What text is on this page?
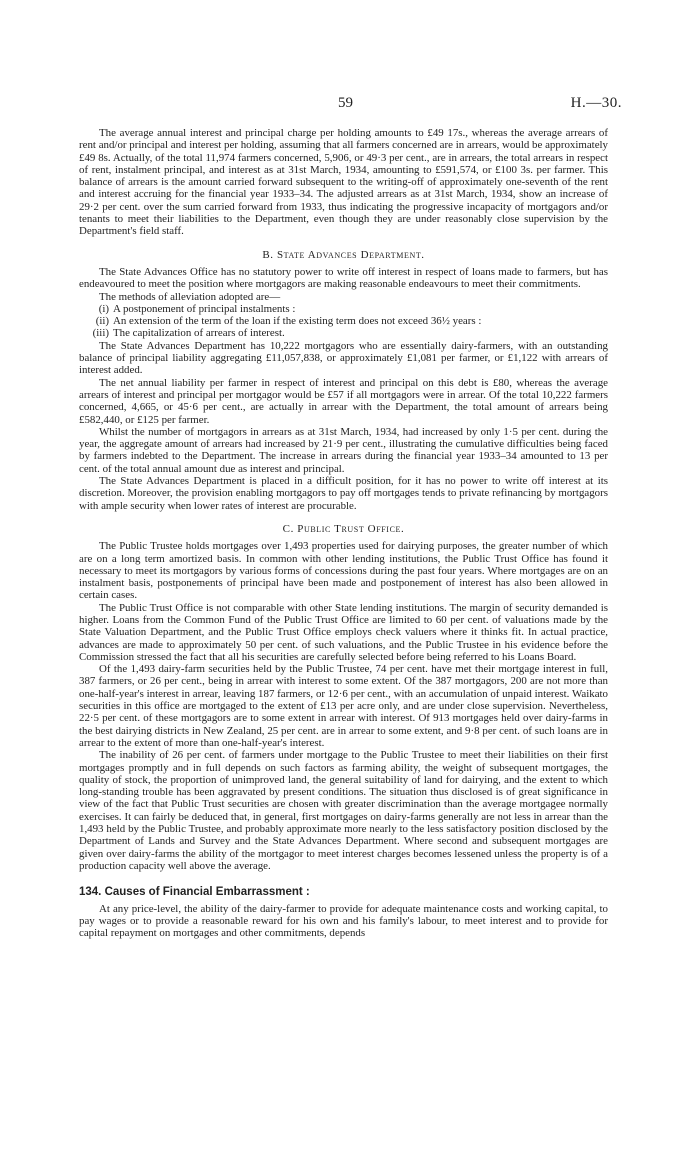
59	H.—30.

The average annual interest and principal charge per holding amounts to £49 17s., whereas the average arrears of rent and/or principal and interest per holding, assuming that all farmers concerned are in arrears, would be approximately £49 8s. Actually, of the total 11,974 farmers concerned, 5,906, or 49·3 per cent., are in arrears, the total arrears in respect of rent, instalment principal, and interest as at 31st March, 1934, amounting to £591,574, or £100 3s. per farmer. This balance of arrears is the amount carried forward subsequent to the writing-off of approximately one-seventh of the rent and interest accruing for the financial year 1933–34. The adjusted arrears as at 31st March, 1934, show an increase of 29·2 per cent. over the sum carried forward from 1933, thus indicating the progressive incapacity of mortgagors and/or tenants to meet their liabilities to the Department, even though they are under reasonably close supervision by the Department's field staff.

B. State Advances Department.

The State Advances Office has no statutory power to write off interest in respect of loans made to farmers, but has endeavoured to meet the position where mortgagors are making reasonable endeavours to meet their commitments.

The methods of alleviation adopted are—

(i) A postponement of principal instalments :

(ii) An extension of the term of the loan if the existing term does not exceed 36½ years :

(iii) The capitalization of arrears of interest.

The State Advances Department has 10,222 mortgagors who are essentially dairy-farmers, with an outstanding balance of principal liability aggregating £11,057,838, or approximately £1,081 per farmer, or £1,122 with arrears of interest added.

The net annual liability per farmer in respect of interest and principal on this debt is £80, whereas the average arrears of interest and principal per mortgagor would be £57 if all mortgagors were in arrear. Of the total 10,222 farmers concerned, 4,665, or 45·6 per cent., are actually in arrear with the Department, the total amount of arrears being £582,440, or £125 per farmer.

Whilst the number of mortgagors in arrears as at 31st March, 1934, had increased by only 1·5 per cent. during the year, the aggregate amount of arrears had increased by 21·9 per cent., illustrating the cumulative difficulties being faced by farmers indebted to the Department. The increase in arrears during the financial year 1933–34 amounted to 13 per cent. of the total annual amount due as interest and principal.

The State Advances Department is placed in a difficult position, for it has no power to write off interest at its discretion. Moreover, the provision enabling mortgagors to pay off mortgages tends to private refinancing by mortgagors with ample security when lower rates of interest are procurable.

C. Public Trust Office.

The Public Trustee holds mortgages over 1,493 properties used for dairying purposes, the greater number of which are on a long term amortized basis. In common with other lending institutions, the Public Trust Office has found it necessary to meet its mortgagors by various forms of concessions during the past four years. Where mortgages are on an instalment basis, postponements of principal have been made and postponement of interest has also been allowed in certain cases.

The Public Trust Office is not comparable with other State lending institutions. The margin of security demanded is higher. Loans from the Common Fund of the Public Trust Office are limited to 60 per cent. of valuations made by the State Valuation Department, and the Public Trust Office employs check valuers where it thinks fit. In actual practice, advances are made to approximately 50 per cent. of such valuations, and the Public Trustee in his evidence before the Commission stressed the fact that all his securities are carefully selected before being referred to his Loans Board.

Of the 1,493 dairy-farm securities held by the Public Trustee, 74 per cent. have met their mortgage interest in full, 387 farmers, or 26 per cent., being in arrear with interest to some extent. Of the 387 mortgagors, 200 are not more than one-half-year's interest in arrear, leaving 187 farmers, or 12·6 per cent., with an accumulation of unpaid interest. Waikato securities in this office are mortgaged to the extent of £13 per acre only, and are under close supervision. Nevertheless, 22·5 per cent. of these mortgagors are to some extent in arrear with interest. Of 913 mortgages held over dairy-farms in the best dairying districts in New Zealand, 25 per cent. are in arrear to some extent, and 9·8 per cent. of such loans are in arrear to the extent of more than one-half-year's interest.

The inability of 26 per cent. of farmers under mortgage to the Public Trustee to meet their liabilities on their first mortgages promptly and in full depends on such factors as farming ability, the weight of subsequent mortgages, the quality of stock, the proportion of unimproved land, the general suitability of land for dairying, and the extent to which long-standing trouble has been aggravated by present conditions. The situation thus disclosed is of great significance in view of the fact that Public Trust securities are chosen with greater discrimination than the average mortgagee normally exercises. It can fairly be deduced that, in general, first mortgages on dairy-farms generally are not less in arrear than the 1,493 held by the Public Trustee, and probably approximate more nearly to the less satisfactory position disclosed by the Department of Lands and Survey and the State Advances Department. Where second and subsequent mortgages are given over dairy-farms the ability of the mortgagor to meet interest charges becomes lessened unless the property is of a production capacity well above the average.

134. Causes of Financial Embarrassment :

At any price-level, the ability of the dairy-farmer to provide for adequate maintenance costs and working capital, to pay wages or to provide a reasonable reward for his own and his family's labour, to meet interest and to provide for capital repayment on mortgages and other commitments, depends
